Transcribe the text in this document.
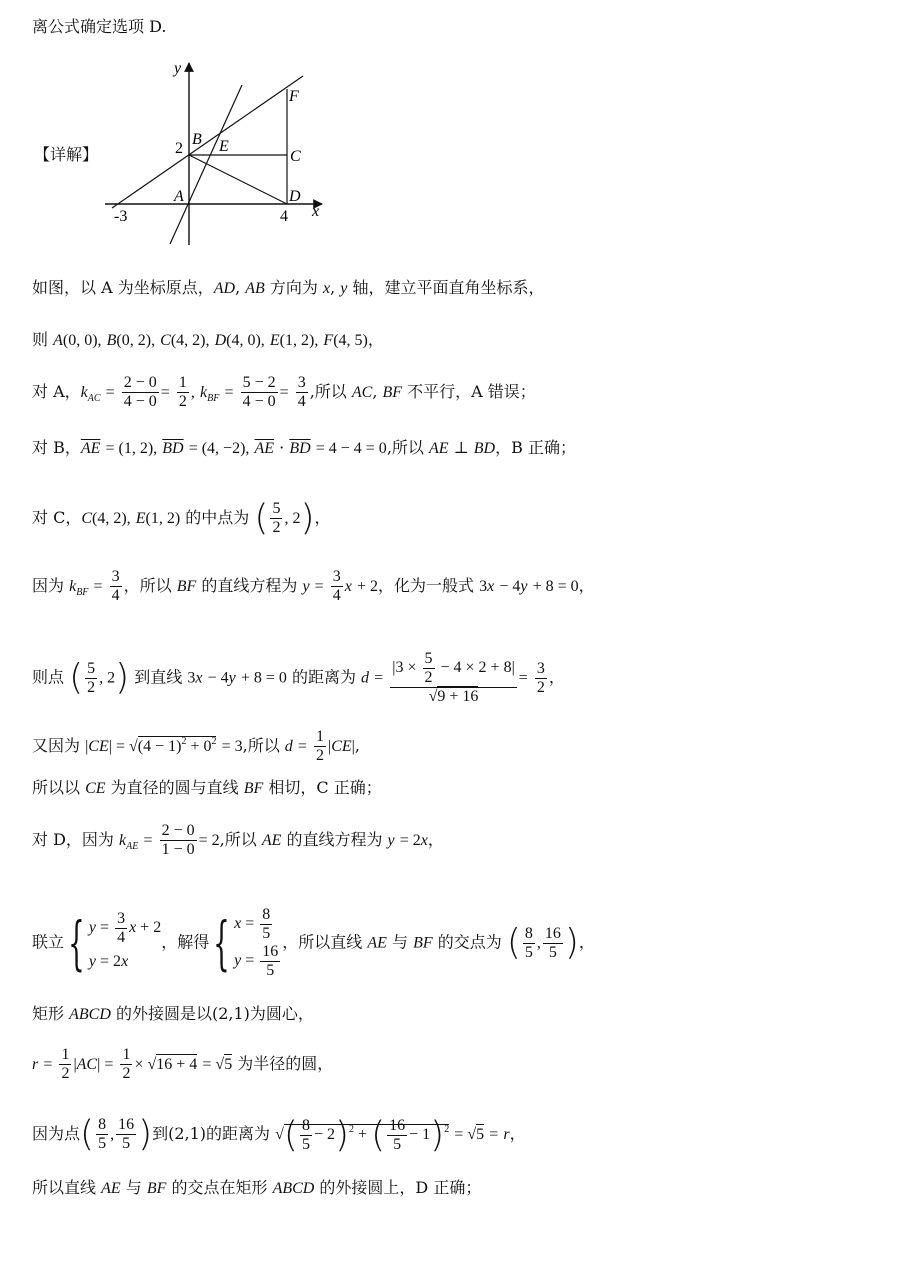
离公式确定选项 D.
【详解】
y
x
F
B E
C
2
A	D
4
-3
如图，以 A 为坐标原点，AD, AB 方向为 x, y 轴，建立平面直角坐标系，
则 A(0, 0), B(0, 2), C(4, 2), D(4, 0), E(1, 2), F(4, 5)，
对 A，$k_{AC} = \frac{2 - 0}{4 - 0} = \frac{1}{2}$ , $k_{BF} = \frac{5 - 2}{4 - 0} = \frac{3}{4}$ ,所以 AC, BF 不平行，A 错误；
对 B，$\overline{AE} = (1$, 2), $\overline{BD} = (4$, −2), $\overline{AE} \cdot \overline{BD} = 4 - 4 = 0$,所以 AE ⊥ BD，B 正确；
对 C，C(4, 2), E(1, 2) 的中点为 ( $\frac{5}{2}$ , 2)，
因为 $k_{BF} = \frac{3}{4}$ ，所以 BF 的直线方程为 $y = \frac{3}{4}$ x + 2，化为一般式 3x − 4y + 8 = 0，
则点 ( $\frac{5}{2}$ , 2) 到直线 3x − 4y + 8 = 0 的距离为 $d = \frac{|3 \times \frac{5}{2} - 4 \times 2 + 8|}{√9 + 16} = \frac{3}{2}$ ，
又因为 $|CE| = √(4 - 1)^2 + 0^2 = 3$,所以 $d = \frac{1}{2} |CE|$,
所以以 CE 为直径的圆与直线 BF 相切，C 正确；
对 D，因为 $k_{AE} = \frac{2 - 0}{1 - 0} = 2$,所以 AE 的直线方程为 y = 2x，
联立{ $y = \frac{3}{4}$ x + 2
y = 2x
，解得{ $x = \frac{8}{5}$
$y = \frac{16}{5}$
，所以直线 AE 与 BF 的交点为 ( $\frac{8}{5}$ , $\frac{16}{5}$ )，
矩形 ABCD 的外接圆是以(2,1)为圆心，
$r = \frac{1}{2} |AC| = \frac{1}{2} \times √16 + 4 = √5$ 为半径的圆，
因为点( $\frac{8}{5}$ , $\frac{16}{5}$ )到(2,1)的距离为 √( $\frac{8}{5} - 2)^2$ + ( $\frac{16}{5} - 1)^2 = √5 = r$，
所以直线 AE 与 BF 的交点在矩形 ABCD 的外接圆上，D 正确；
